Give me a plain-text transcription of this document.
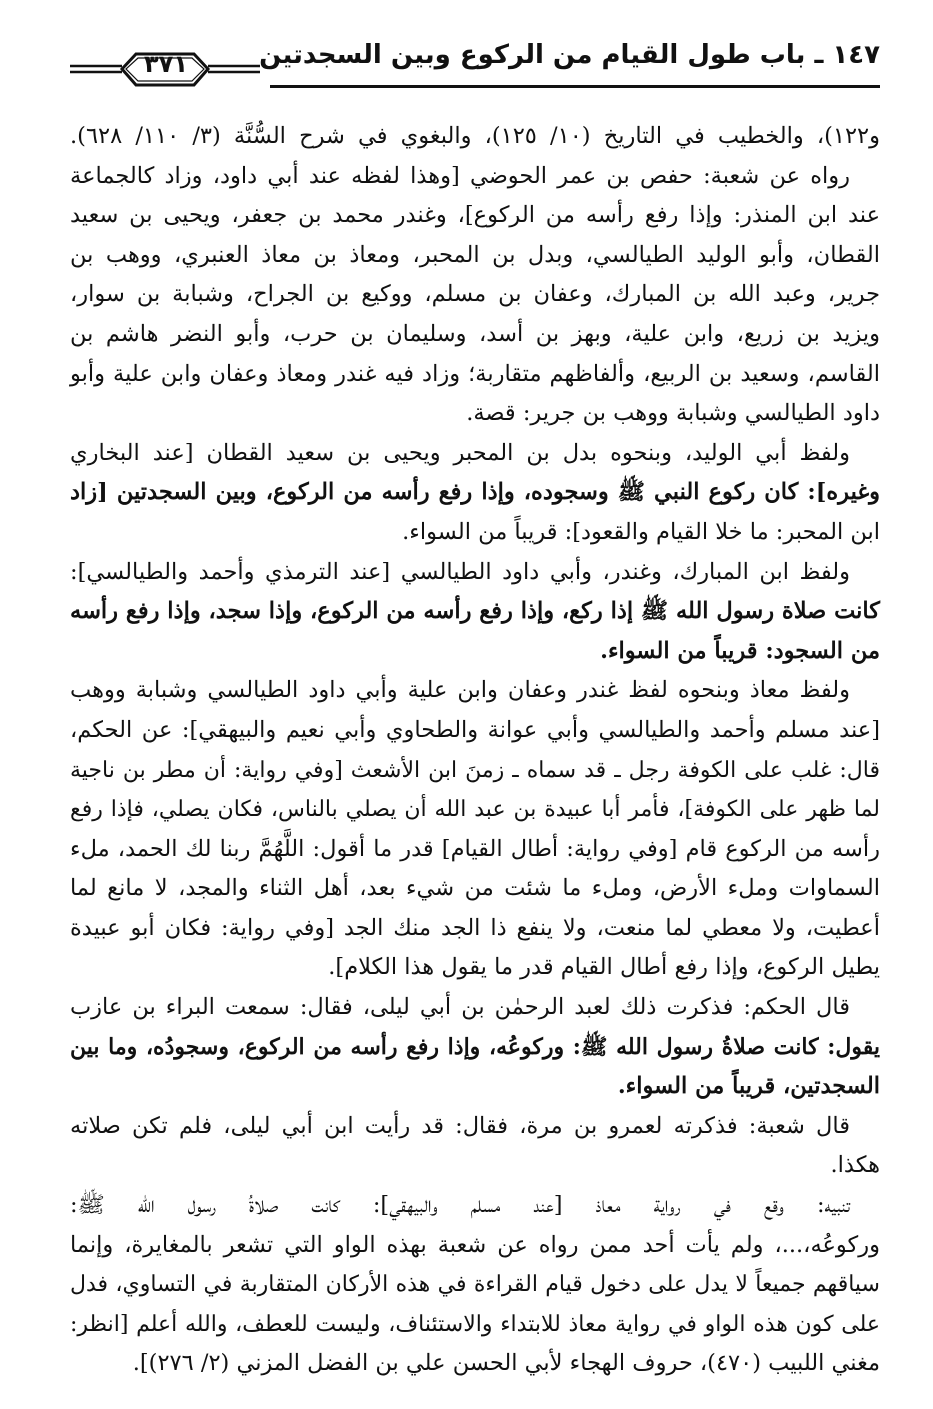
١٤٧ ـ باب طول القيام من الركوع وبين السجدتين
٣٧١
و١٢٢)، والخطيب في التاريخ (١٠/ ١٢٥)، والبغوي في شرح السُّنَّة (٣/ ١١٠/ ٦٢٨).
رواه عن شعبة: حفص بن عمر الحوضي [وهذا لفظه عند أبي داود، وزاد كالجماعة
عند ابن المنذر: وإذا رفع رأسه من الركوع]، وغندر محمد بن جعفر، ويحيى بن سعيد
القطان، وأبو الوليد الطيالسي، وبدل بن المحبر، ومعاذ بن معاذ العنبري، ووهب بن
جرير، وعبد الله بن المبارك، وعفان بن مسلم، ووكيع بن الجراح، وشبابة بن سوار،
ويزيد بن زريع، وابن علية، وبهز بن أسد، وسليمان بن حرب، وأبو النضر هاشم بن
القاسم، وسعيد بن الربيع، وألفاظهم متقاربة؛ وزاد فيه غندر ومعاذ وعفان وابن علية وأبو
داود الطيالسي وشبابة ووهب بن جرير: قصة.
ولفظ أبي الوليد، وبنحوه بدل بن المحبر ويحيى بن سعيد القطان [عند البخاري
وغيره]: كان ركوع النبي ﷺ وسجوده، وإذا رفع رأسه من الركوع، وبين السجدتين [زاد
ابن المحبر: ما خلا القيام والقعود]: قريباً من السواء.
ولفظ ابن المبارك، وغندر، وأبي داود الطيالسي [عند الترمذي وأحمد والطيالسي]:
كانت صلاة رسول الله ﷺ إذا ركع، وإذا رفع رأسه من الركوع، وإذا سجد، وإذا رفع رأسه
من السجود: قريباً من السواء.
ولفظ معاذ وبنحوه لفظ غندر وعفان وابن علية وأبي داود الطيالسي وشبابة ووهب
[عند مسلم وأحمد والطيالسي وأبي عوانة والطحاوي وأبي نعيم والبيهقي]: عن الحكم،
قال: غلب على الكوفة رجل ـ قد سماه ـ زمنَ ابن الأشعث [وفي رواية: أن مطر بن ناجية
لما ظهر على الكوفة]، فأمر أبا عبيدة بن عبد الله أن يصلي بالناس، فكان يصلي، فإذا رفع
رأسه من الركوع قام [وفي رواية: أطال القيام] قدر ما أقول: اللَّهُمَّ ربنا لك الحمد، ملء
السماوات وملء الأرض، وملء ما شئت من شيء بعد، أهل الثناء والمجد، لا مانع لما
أعطيت، ولا معطي لما منعت، ولا ينفع ذا الجد منك الجد [وفي رواية: فكان أبو عبيدة
يطيل الركوع، وإذا رفع أطال القيام قدر ما يقول هذا الكلام].
قال الحكم: فذكرت ذلك لعبد الرحمٰن بن أبي ليلى، فقال: سمعت البراء بن عازب
يقول: كانت صلاةُ رسول الله ﷺ: وركوعُه، وإذا رفع رأسه من الركوع، وسجودُه، وما بين
السجدتين، قريباً من السواء.
قال شعبة: فذكرته لعمرو بن مرة، فقال: قد رأيت ابن أبي ليلى، فلم تكن صلاته
هكذا.
تنبيه: وقع في رواية معاذ [عند مسلم والبيهقي]: كانت صلاةُ رسول الله ﷺ:
وركوعُه،...، ولم يأت أحد ممن رواه عن شعبة بهذه الواو التي تشعر بالمغايرة، وإنما
سياقهم جميعاً لا يدل على دخول قيام القراءة في هذه الأركان المتقاربة في التساوي، فدل
على كون هذه الواو في رواية معاذ للابتداء والاستئناف، وليست للعطف، والله أعلم [انظر:
مغني اللبيب (٤٧٠)، حروف الهجاء لأبي الحسن علي بن الفضل المزني (٢/ ٢٧٦)].
